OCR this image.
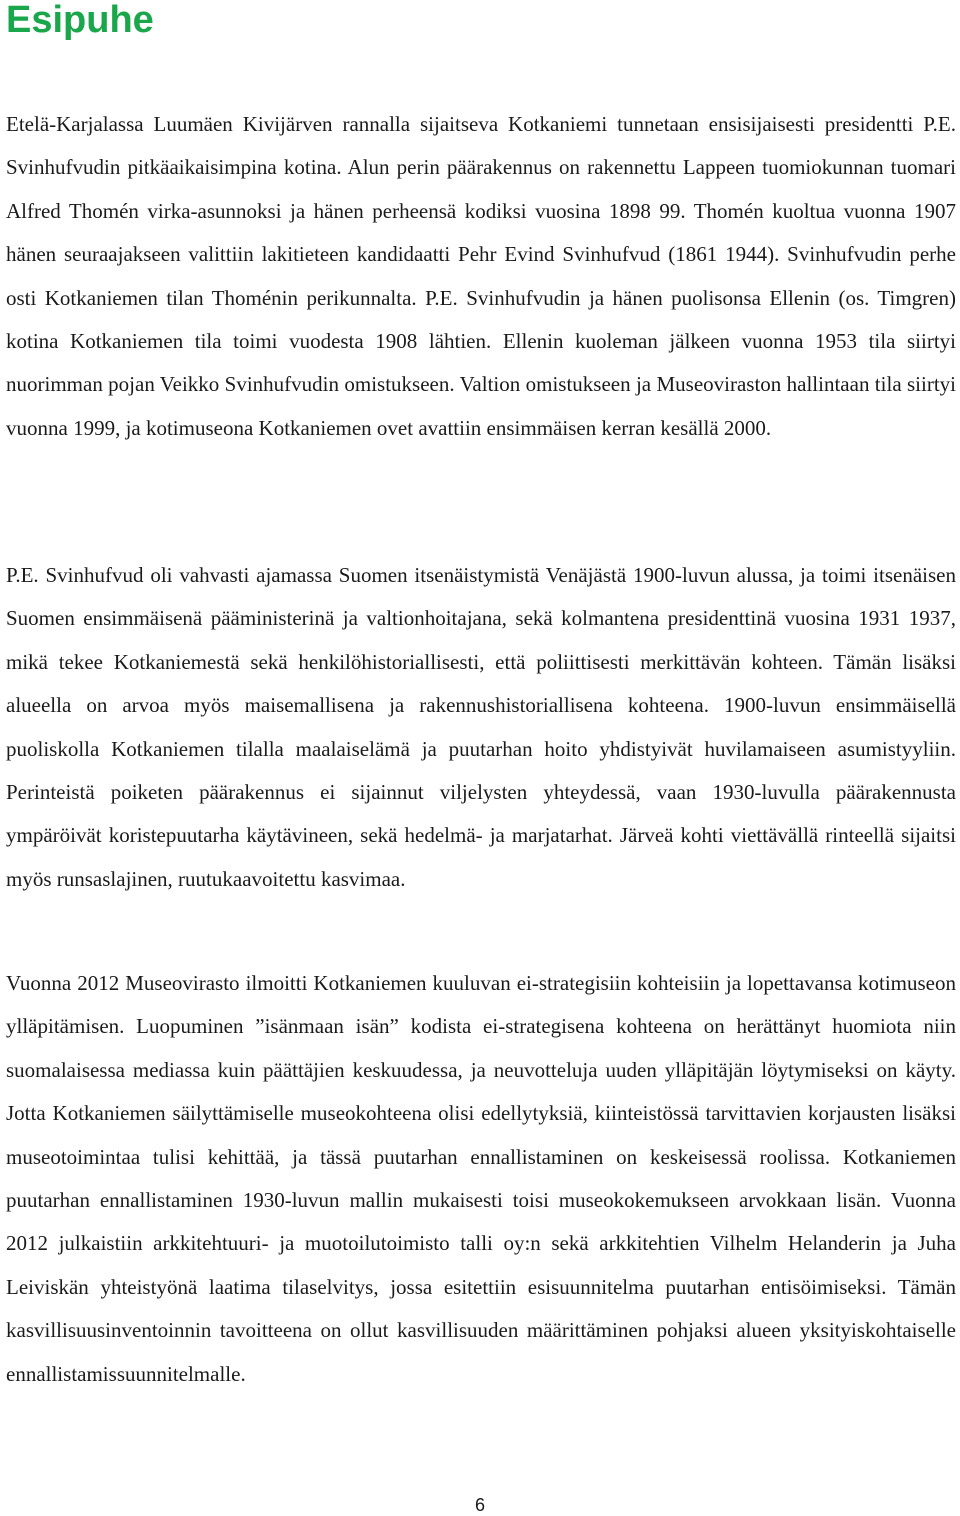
Esipuhe

Etelä-Karjalassa Luumäen Kivijärven rannalla sijaitseva Kotkaniemi tunnetaan ensisijaisesti presidentti P.E. Svinhufvudin pitkäaikaisimpina kotina. Alun perin päärakennus on rakennettu Lappeen tuomiokunnan tuomari Alfred Thomén virka-asunnoksi ja hänen perheensä kodiksi vuosina 1898 99. Thomén kuoltua vuonna 1907 hänen seuraajakseen valittiin lakitieteen kandidaatti Pehr Evind Svinhufvud (1861 1944). Svinhufvudin perhe osti Kotkaniemen tilan Thoménin perikunnalta. P.E. Svinhufvudin ja hänen puolisonsa Ellenin (os. Timgren) kotina Kotkaniemen tila toimi vuodesta 1908 lähtien. Ellenin kuoleman jälkeen vuonna 1953 tila siirtyi nuorimman pojan Veikko Svinhufvudin omistukseen. Valtion omistukseen ja Museoviraston hallintaan tila siirtyi vuonna 1999, ja kotimuseona Kotkaniemen ovet avattiin ensimmäisen kerran kesällä 2000.

P.E. Svinhufvud oli vahvasti ajamassa Suomen itsenäistymistä Venäjästä 1900-luvun alussa, ja toimi itsenäisen Suomen ensimmäisenä pääministerinä ja valtionhoitajana, sekä kolmantena presidenttinä vuosina 1931 1937, mikä tekee Kotkaniemestä sekä henkilöhistoriallisesti, että poliittisesti merkittävän kohteen. Tämän lisäksi alueella on arvoa myös maisemallisena ja rakennushistoriallisena kohteena. 1900-luvun ensimmäisellä puoliskolla Kotkaniemen tilalla maalaiselämä ja puutarhan hoito yhdistyivät huvilamaiseen asumistyyliin. Perinteistä poiketen päärakennus ei sijainnut viljelysten yhteydessä, vaan 1930-luvulla päärakennusta ympäröivät koristepuutarha käytävineen, sekä hedelmä- ja marjatarhat. Järveä kohti viettävällä rinteellä sijaitsi myös runsaslajinen, ruutukaavoitettu kasvimaa.

Vuonna 2012 Museovirasto ilmoitti Kotkaniemen kuuluvan ei-strategisiin kohteisiin ja lopettavansa kotimuseon ylläpitämisen. Luopuminen ”isänmaan isän” kodista ei-strategisena kohteena on herättänyt huomiota niin suomalaisessa mediassa kuin päättäjien keskuudessa, ja neuvotteluja uuden ylläpitäjän löytymiseksi on käyty. Jotta Kotkaniemen säilyttämiselle museokohteena olisi edellytyksiä, kiinteistössä tarvittavien korjausten lisäksi museotoimintaa tulisi kehittää, ja tässä puutarhan ennallistaminen on keskeisessä roolissa. Kotkaniemen puutarhan ennallistaminen 1930-luvun mallin mukaisesti toisi museokokemukseen arvokkaan lisän. Vuonna 2012 julkaistiin arkkitehtuuri- ja muotoilutoimisto talli oy:n sekä arkkitehtien Vilhelm Helanderin ja Juha Leiviskän yhteistyönä laatima tilaselvitys, jossa esitettiin esisuunnitelma puutarhan entisöimiseksi. Tämän kasvillisuusinventoinnin tavoitteena on ollut kasvillisuuden määrittäminen pohjaksi alueen yksityiskohtaiselle ennallistamissuunnitelmalle.

6
